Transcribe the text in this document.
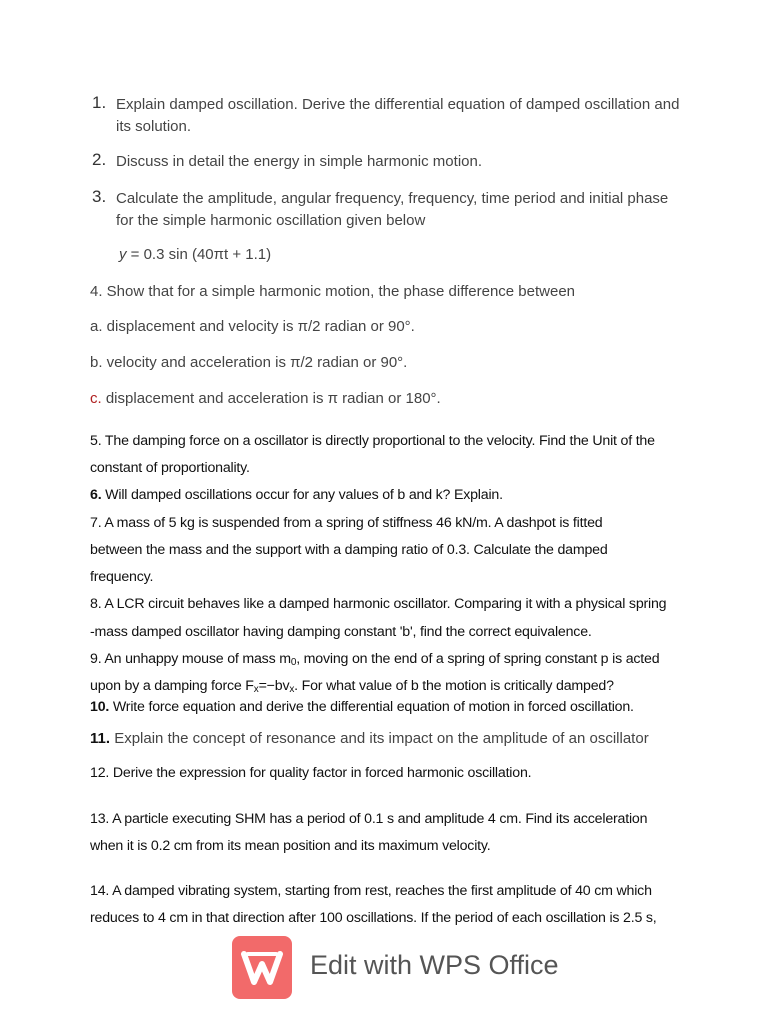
1. Explain damped oscillation. Derive the differential equation of damped oscillation and its solution.
2. Discuss in detail the energy in simple harmonic motion.
3. Calculate the amplitude, angular frequency, frequency, time period and initial phase for the simple harmonic oscillation given below
y = 0.3 sin (40πt + 1.1)
4. Show that for a simple harmonic motion, the phase difference between
a. displacement and velocity is π/2 radian or 90°.
b. velocity and acceleration is π/2 radian or 90°.
c. displacement and acceleration is π radian or 180°.
5. The damping force on a oscillator is directly proportional to the velocity. Find the Unit of the
constant of proportionality.
6. Will damped oscillations occur for any values of b and k? Explain.
7. A mass of 5 kg is suspended from a spring of stiffness 46 kN/m. A dashpot is fitted
between the mass and the support with a damping ratio of 0.3. Calculate the damped
frequency.
8. A LCR circuit behaves like a damped harmonic oscillator. Comparing it with a physical spring
-mass damped oscillator having damping constant 'b', find the correct equivalence.
9. An unhappy mouse of mass $m_0$, moving on the end of a spring of spring constant p is acted
upon by a damping force $F_x=-bv_x$. For what value of b the motion is critically damped?
10. Write force equation and derive the differential equation of motion in forced oscillation.
11. Explain the concept of resonance and its impact on the amplitude of an oscillator
12. Derive the expression for quality factor in forced harmonic oscillation.
13. A particle executing SHM has a period of 0.1 s and amplitude 4 cm. Find its acceleration
when it is 0.2 cm from its mean position and its maximum velocity.
14. A damped vibrating system, starting from rest, reaches the first amplitude of 40 cm which
reduces to 4 cm in that direction after 100 oscillations. If the period of each oscillation is 2.5 s,
Edit with WPS Office
